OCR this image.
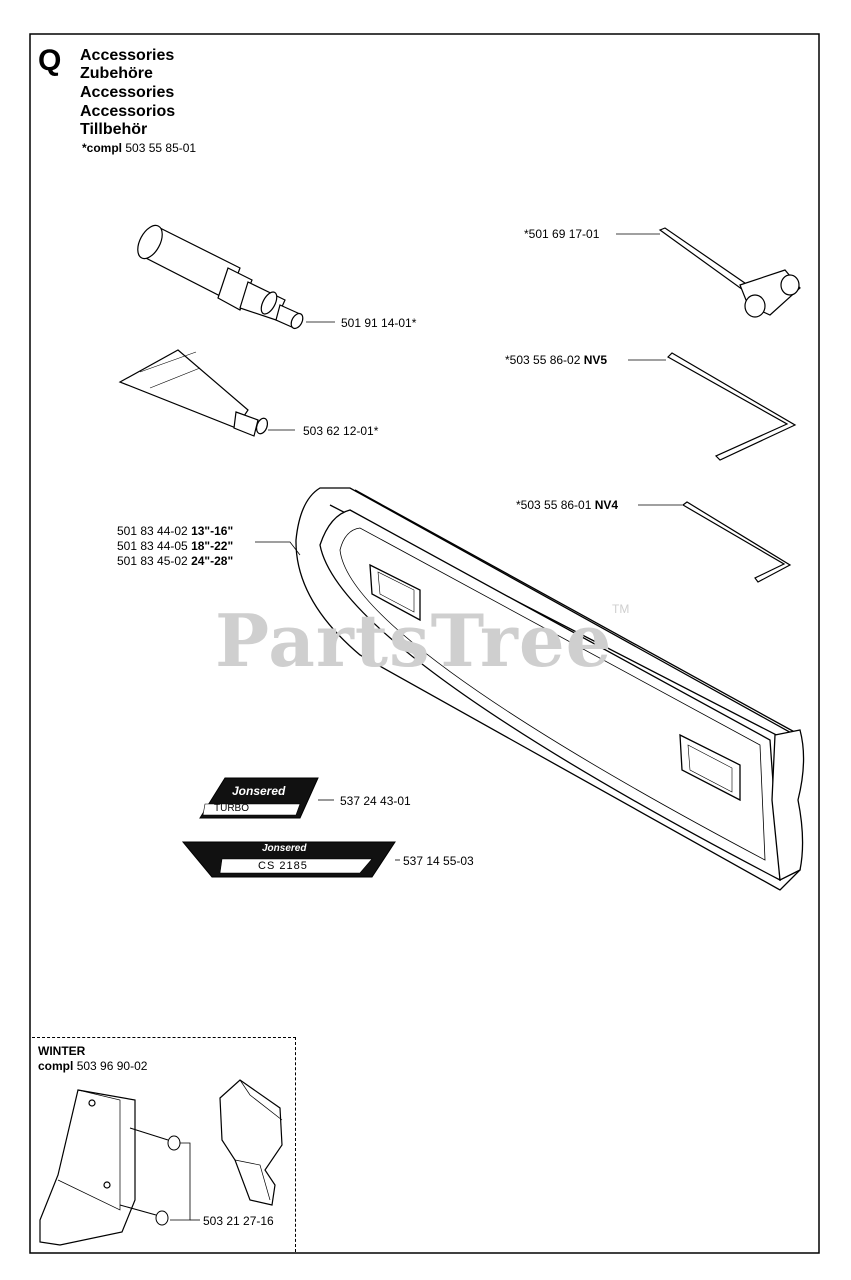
PartsTree TM
Q Accessories
Zubehöre
Accessories
Accessorios
Tillbehör
*compl 503 55 85-01
501 91 14-01*
503 62 12-01*
*501 69 17-01
*503 55 86-02 NV5
*503 55 86-01 NV4
501 83 44-02 13"-16"
501 83 44-05 18"-22"
501 83 45-02 24"-28"
Jonsered
TURBO
537 24 43-01
Jonsered
CS 2185	537 14 55-03
WINTER
compl 503 96 90-02
503 21 27-16
